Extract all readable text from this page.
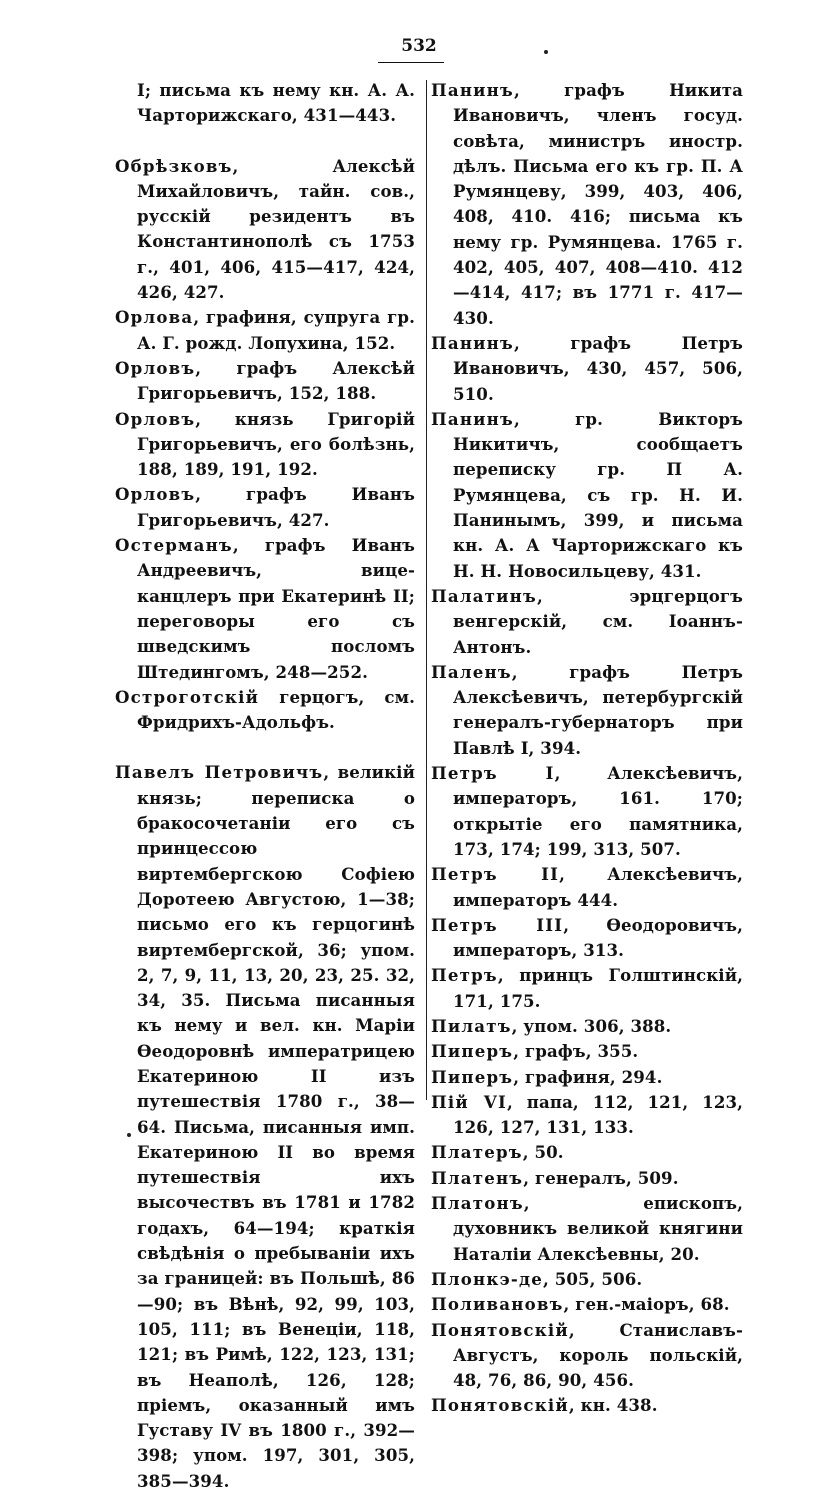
532
I; письма къ нему кн. А. А. Чарторижскаго, 431—443.
Обрѣзковъ, Алексѣй Михайловичъ, тайн. сов., русскій резидентъ въ Константинополѣ съ 1753 г., 401, 406, 415—417, 424, 426, 427.
Орлова, графиня, супруга гр. А. Г. рожд. Лопухина, 152.
Орловъ, графъ Алексѣй Григорьевичъ, 152, 188.
Орловъ, князь Григорій Григорьевичъ, его болѣзнь, 188, 189, 191, 192.
Орловъ, графъ Иванъ Григорьевичъ, 427.
Остерманъ, графъ Иванъ Андреевичъ, вице-канцлеръ при Екатеринѣ II; переговоры его съ шведскимъ посломъ Штедингомъ, 248—252.
Остроготскій герцогъ, см. Фридрихъ-Адольфъ.
Павелъ Петровичъ, великій князь; переписка о бракосочетаніи его съ принцессою виртембергскою Софіею Доротеею Августою, 1—38; письмо его къ герцогинѣ виртембергской, 36; упом. 2, 7, 9, 11, 13, 20, 23, 25. 32, 34, 35. Письма писанныя къ нему и вел. кн. Маріи Ѳеодоровнѣ императрицею Екатериною II изъ путешествія 1780 г., 38—64. Письма, писанныя имп. Екатериною II во время путешествія ихъ высочествъ въ 1781 и 1782 годахъ, 64—194; краткія свѣдѣнія о пребываніи ихъ за границей: въ Польшѣ, 86—90; въ Вѣнѣ, 92, 99, 103, 105, 111; въ Венеціи, 118, 121; въ Римѣ, 122, 123, 131; въ Неаполѣ, 126, 128; пріемъ, оказанный имъ Густаву IV въ 1800 г., 392—398; упом. 197, 301, 305, 385—394.
Панинъ, графъ Никита Ивановичъ, членъ госуд. совѣта, министръ иностр. дѣлъ. Письма его къ гр. П. А Румянцеву, 399, 403, 406, 408, 410. 416; письма къ нему гр. Румянцева. 1765 г. 402, 405, 407, 408—410. 412—414, 417; въ 1771 г. 417—430.
Панинъ, графъ Петръ Ивановичъ, 430, 457, 506, 510.
Панинъ, гр. Викторъ Никитичъ, сообщаетъ переписку гр. П А. Румянцева, съ гр. Н. И. Панинымъ, 399, и письма кн. А. А Чарторижскаго къ Н. Н. Новосильцеву, 431.
Палатинъ, эрцгерцогъ венгерскій, см. Іоаннъ-Антонъ.
Паленъ, графъ Петръ Алексѣевичъ, петербургскій генералъ-губернаторъ при Павлѣ I, 394.
Петръ I, Алексѣевичъ, императоръ, 161. 170; открытіе его памятника, 173, 174; 199, 313, 507.
Петръ II, Алексѣевичъ, императоръ 444.
Петръ III, Ѳеодоровичъ, императоръ, 313.
Петръ, принцъ Голштинскій, 171, 175.
Пилатъ, упом. 306, 388.
Пиперъ, графъ, 355.
Пиперъ, графиня, 294.
Пій VI, папа, 112, 121, 123, 126, 127, 131, 133.
Платеръ, 50.
Платенъ, генералъ, 509.
Платонъ, епископъ, духовникъ великой княгини Наталіи Алексѣевны, 20.
Плонкэ-де, 505, 506.
Поливановъ, ген.-маіоръ, 68.
Понятовскій, Станиславъ-Августъ, король польскій, 48, 76, 86, 90, 456.
Понятовскій, кн. 438.
